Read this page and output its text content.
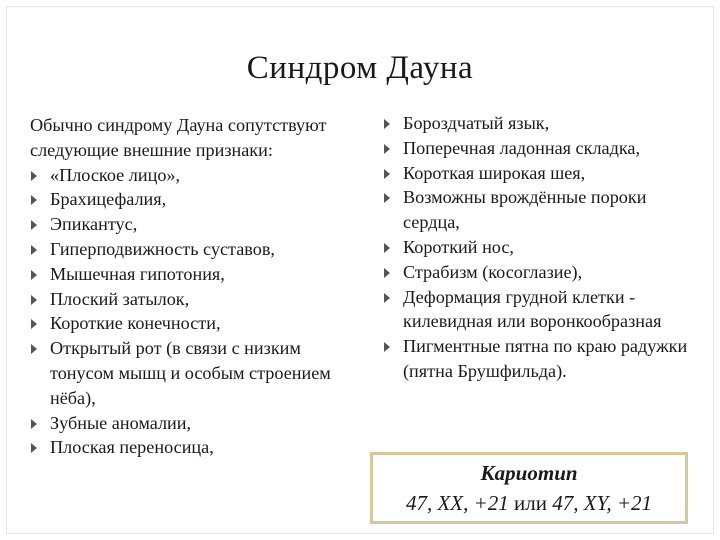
Синдром Дауна
Обычно синдрому Дауна сопутствуют следующие внешние признаки:
«Плоское лицо»,
Брахицефалия,
Эпикантус,
Гиперподвижность суставов,
Мышечная гипотония,
Плоский затылок,
Короткие конечности,
Открытый рот (в связи с низким тонусом мышц и особым строением нёба),
Зубные аномалии,
Плоская переносица,
Бороздчатый язык,
Поперечная ладонная складка,
Короткая широкая шея,
Возможны врождённые пороки сердца,
Короткий нос,
Страбизм (косоглазие),
Деформация грудной клетки - килевидная или воронкообразная
Пигментные пятна по краю радужки (пятна Брушфильда).
Кариотип
47, XX, +21 или 47, XY, +21
